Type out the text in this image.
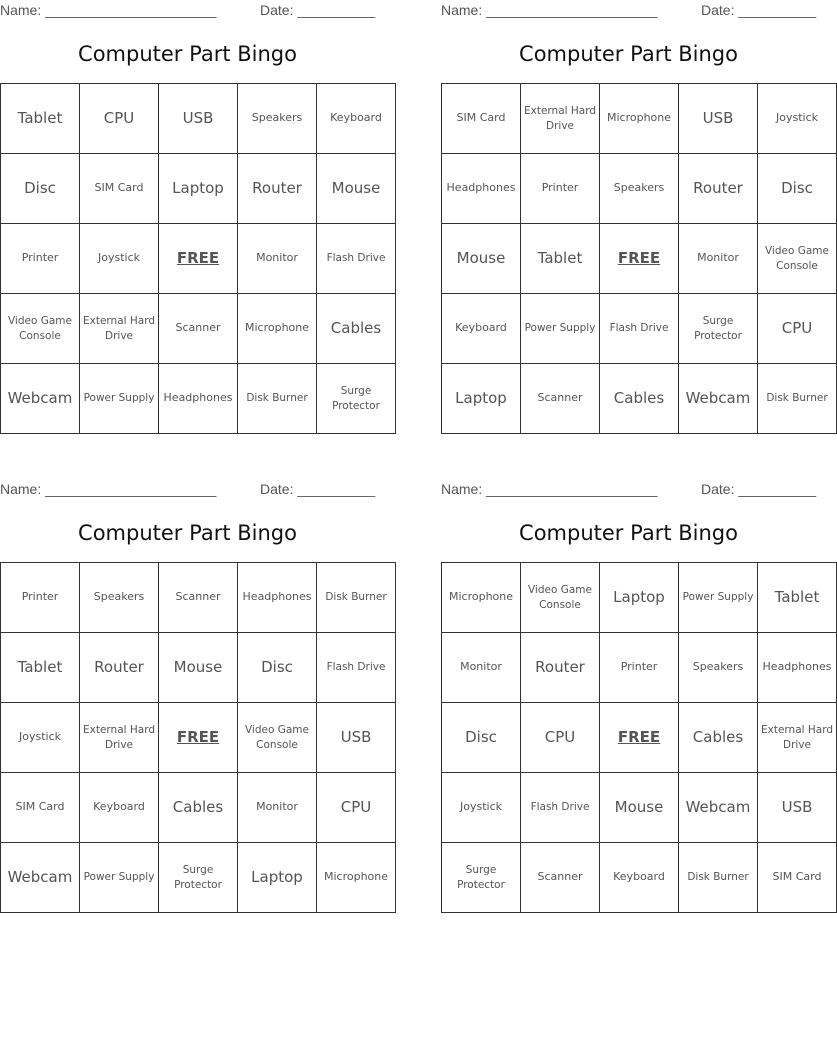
Name: ______________________	Date: __________
Computer Part Bingo
Tablet	CPU	USB	Speakers	Keyboard
Disc	SIM Card	Laptop	Router	Mouse
Printer	Joystick	FREE	Monitor	Flash Drive
Video Game Console	External Hard Drive	Scanner	Microphone	Cables
Webcam	Power Supply	Headphones	Disk Burner	Surge Protector
Name: ______________________	Date: __________
Computer Part Bingo
SIM Card	External Hard Drive	Microphone	USB	Joystick
Headphones	Printer	Speakers	Router	Disc
Mouse	Tablet	FREE	Monitor	Video Game Console
Keyboard	Power Supply	Flash Drive	Surge Protector	CPU
Laptop	Scanner	Cables	Webcam	Disk Burner
Name: ______________________	Date: __________
Computer Part Bingo
Printer	Speakers	Scanner	Headphones	Disk Burner
Tablet	Router	Mouse	Disc	Flash Drive
Joystick	External Hard Drive	FREE	Video Game Console	USB
SIM Card	Keyboard	Cables	Monitor	CPU
Webcam	Power Supply	Surge Protector	Laptop	Microphone
Name: ______________________	Date: __________
Computer Part Bingo
Microphone	Video Game Console	Laptop	Power Supply	Tablet
Monitor	Router	Printer	Speakers	Headphones
Disc	CPU	FREE	Cables	External Hard Drive
Joystick	Flash Drive	Mouse	Webcam	USB
Surge Protector	Scanner	Keyboard	Disk Burner	SIM Card
